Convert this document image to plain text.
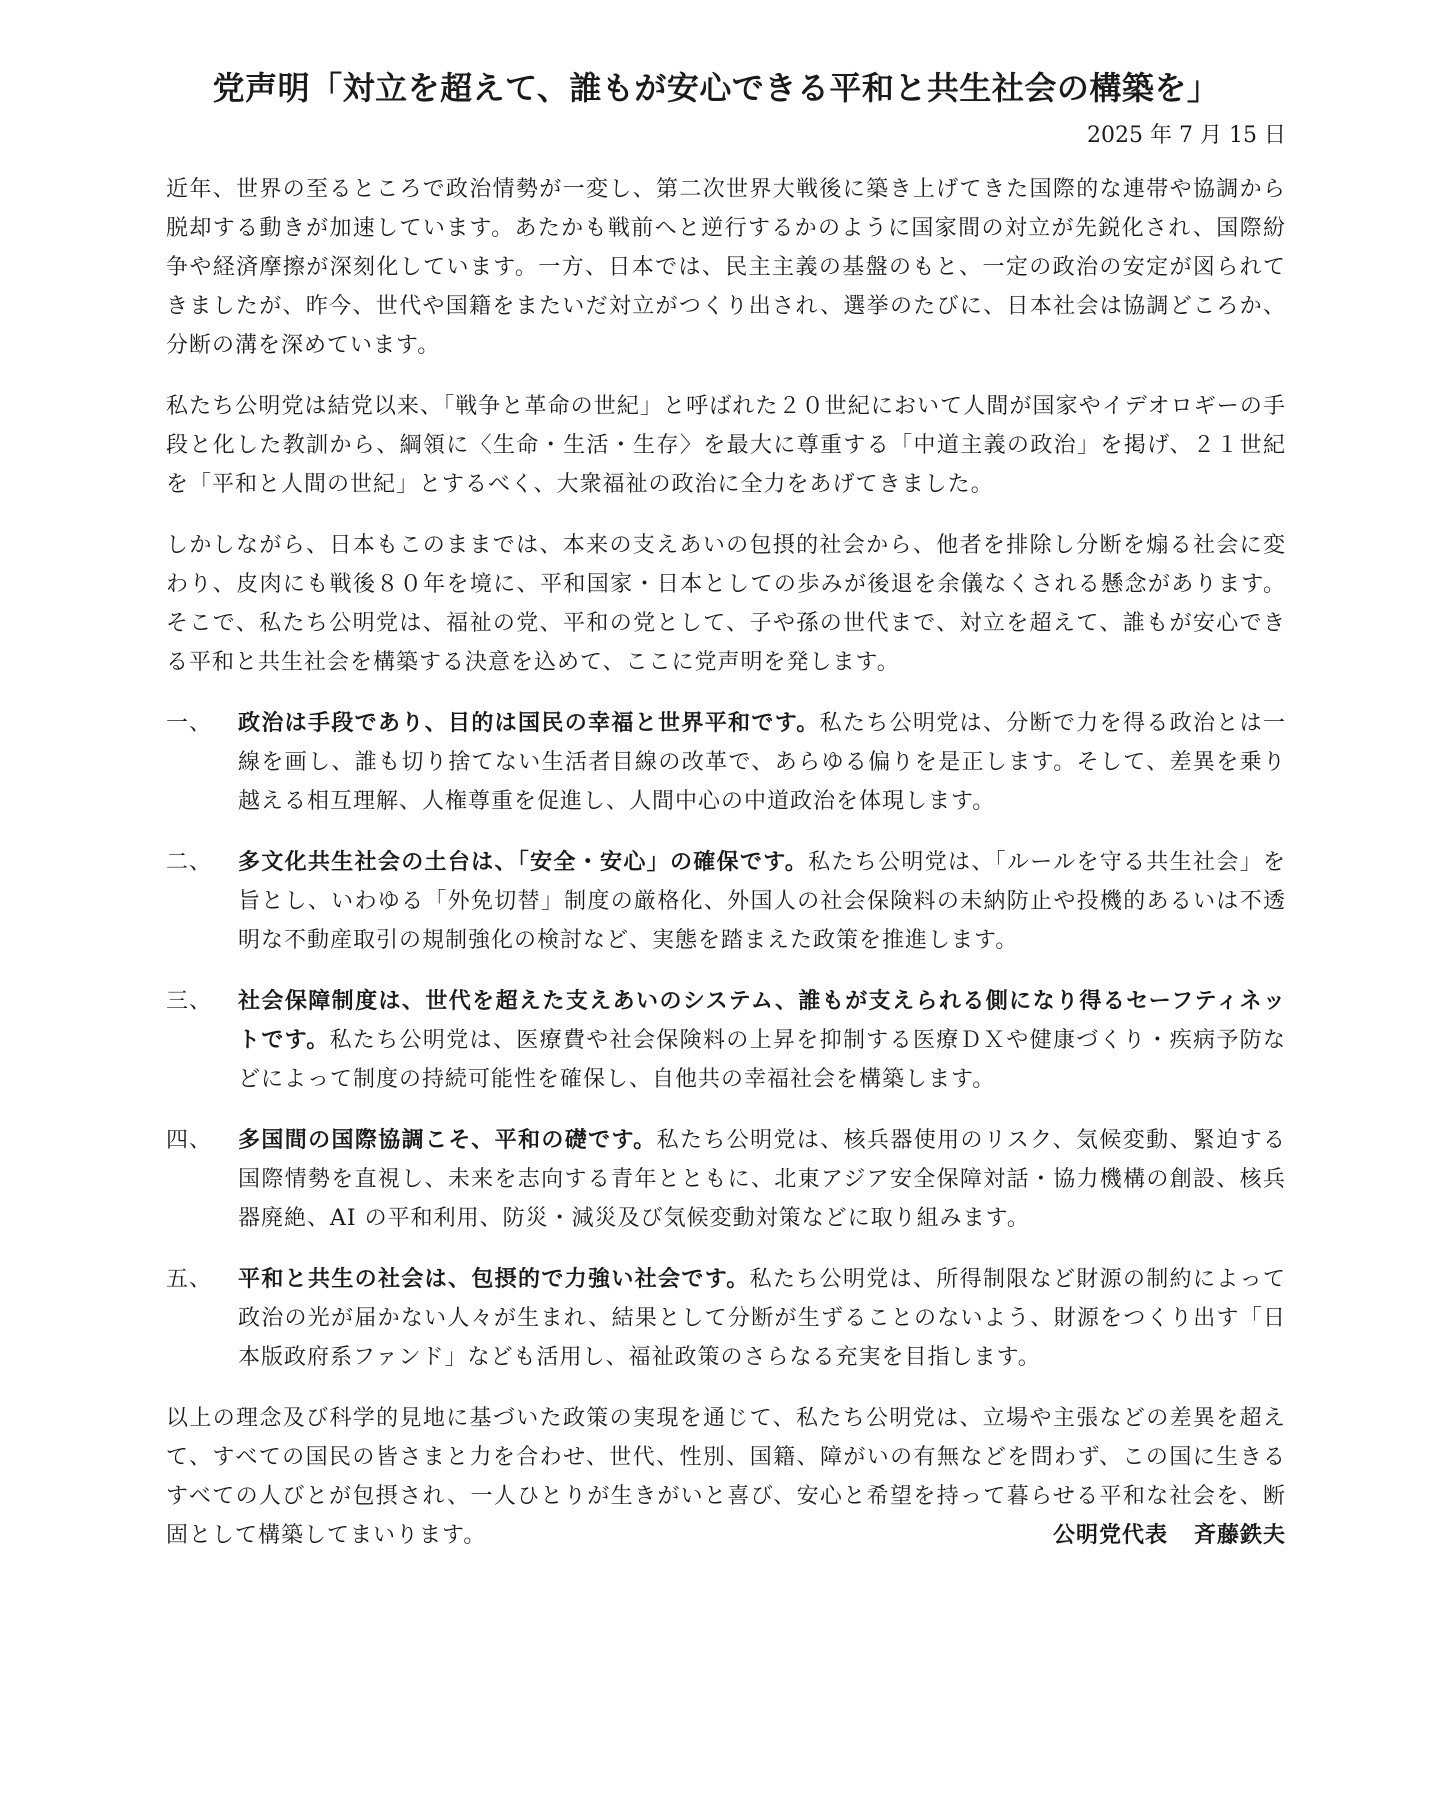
党声明「対立を超えて、誰もが安心できる平和と共生社会の構築を」
2025 年 7 月 15 日

近年、世界の至るところで政治情勢が一変し、第二次世界大戦後に築き上げてきた国際的な連帯や協調から脱却する動きが加速しています。あたかも戦前へと逆行するかのように国家間の対立が先鋭化され、国際紛争や経済摩擦が深刻化しています。一方、日本では、民主主義の基盤のもと、一定の政治の安定が図られてきましたが、昨今、世代や国籍をまたいだ対立がつくり出され、選挙のたびに、日本社会は協調どころか、分断の溝を深めています。

私たち公明党は結党以来、「戦争と革命の世紀」と呼ばれた２０世紀において人間が国家やイデオロギーの手段と化した教訓から、綱領に〈生命・生活・生存〉を最大に尊重する「中道主義の政治」を掲げ、２１世紀を「平和と人間の世紀」とするべく、大衆福祉の政治に全力をあげてきました。

しかしながら、日本もこのままでは、本来の支えあいの包摂的社会から、他者を排除し分断を煽る社会に変わり、皮肉にも戦後８０年を境に、平和国家・日本としての歩みが後退を余儀なくされる懸念があります。そこで、私たち公明党は、福祉の党、平和の党として、子や孫の世代まで、対立を超えて、誰もが安心できる平和と共生社会を構築する決意を込めて、ここに党声明を発します。

一、	政治は手段であり、目的は国民の幸福と世界平和です。私たち公明党は、分断で力を得る政治とは一線を画し、誰も切り捨てない生活者目線の改革で、あらゆる偏りを是正します。そして、差異を乗り越える相互理解、人権尊重を促進し、人間中心の中道政治を体現します。
二、	多文化共生社会の土台は、「安全・安心」の確保です。私たち公明党は、「ルールを守る共生社会」を旨とし、いわゆる「外免切替」制度の厳格化、外国人の社会保険料の未納防止や投機的あるいは不透明な不動産取引の規制強化の検討など、実態を踏まえた政策を推進します。
三、	社会保障制度は、世代を超えた支えあいのシステム、誰もが支えられる側になり得るセーフティネットです。私たち公明党は、医療費や社会保険料の上昇を抑制する医療ＤＸや健康づくり・疾病予防などによって制度の持続可能性を確保し、自他共の幸福社会を構築します。
四、	多国間の国際協調こそ、平和の礎です。私たち公明党は、核兵器使用のリスク、気候変動、緊迫する国際情勢を直視し、未来を志向する青年とともに、北東アジア安全保障対話・協力機構の創設、核兵器廃絶、AI の平和利用、防災・減災及び気候変動対策などに取り組みます。
五、	平和と共生の社会は、包摂的で力強い社会です。私たち公明党は、所得制限など財源の制約によって政治の光が届かない人々が生まれ、結果として分断が生ずることのないよう、財源をつくり出す「日本版政府系ファンド」なども活用し、福祉政策のさらなる充実を目指します。

以上の理念及び科学的見地に基づいた政策の実現を通じて、私たち公明党は、立場や主張などの差異を超えて、すべての国民の皆さまと力を合わせ、世代、性別、国籍、障がいの有無などを問わず、この国に生きるすべての人びとが包摂され、一人ひとりが生きがいと喜び、安心と希望を持って暮らせる平和な社会を、断固として構築してまいります。	公明党代表 斉藤鉄夫
